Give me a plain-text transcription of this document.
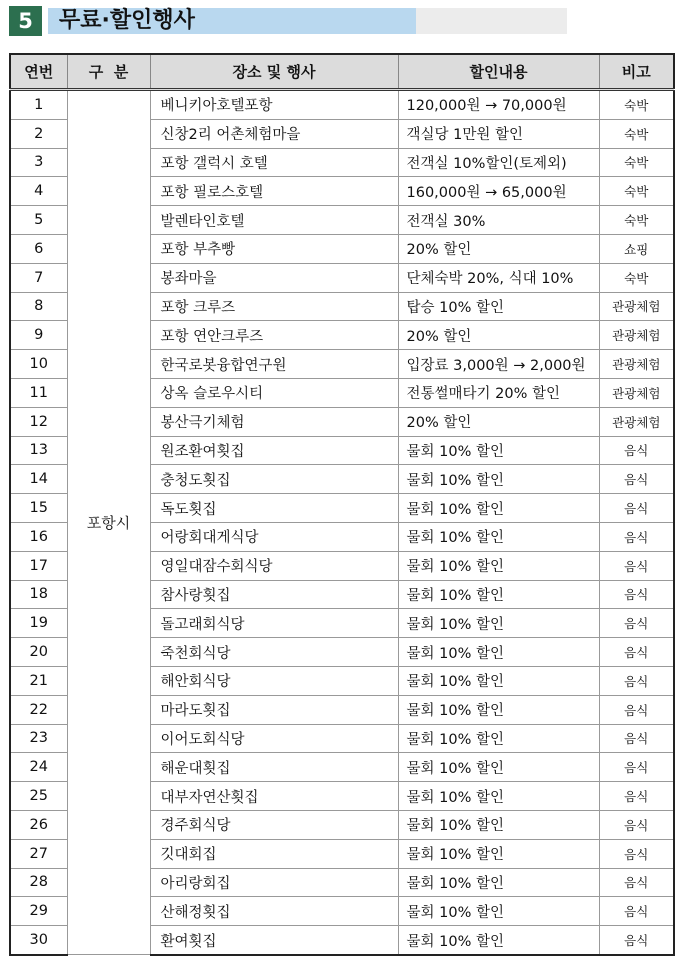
5	무료·할인행사
연번	구  분	장소 및 행사	할인내용	비고
1	포항시	베니키아호텔포항	120,000원 → 70,000원	숙박
2		신창2리 어촌체험마을	객실당 1만원 할인	숙박
3		포항 갤럭시 호텔	전객실 10%할인(토제외)	숙박
4		포항 필로스호텔	160,000원 → 65,000원	숙박
5		발렌타인호텔	전객실 30%	숙박
6		포항 부추빵	20% 할인	쇼핑
7		봉좌마을	단체숙박 20%, 식대 10%	숙박
8		포항 크루즈	탑승 10% 할인	관광체험
9		포항 연안크루즈	20% 할인	관광체험
10		한국로봇융합연구원	입장료 3,000원 → 2,000원	관광체험
11		상옥 슬로우시티	전통썰매타기 20% 할인	관광체험
12		봉산극기체험	20% 할인	관광체험
13		원조환여횟집	물회 10% 할인	음식
14		충청도횟집	물회 10% 할인	음식
15		독도횟집	물회 10% 할인	음식
16		어랑회대게식당	물회 10% 할인	음식
17		영일대잠수회식당	물회 10% 할인	음식
18		참사랑횟집	물회 10% 할인	음식
19		돌고래회식당	물회 10% 할인	음식
20		죽천회식당	물회 10% 할인	음식
21		해안회식당	물회 10% 할인	음식
22		마라도횟집	물회 10% 할인	음식
23		이어도회식당	물회 10% 할인	음식
24		해운대횟집	물회 10% 할인	음식
25		대부자연산횟집	물회 10% 할인	음식
26		경주회식당	물회 10% 할인	음식
27		깃대회집	물회 10% 할인	음식
28		아리랑회집	물회 10% 할인	음식
29		산해정횟집	물회 10% 할인	음식
30		환여횟집	물회 10% 할인	음식
